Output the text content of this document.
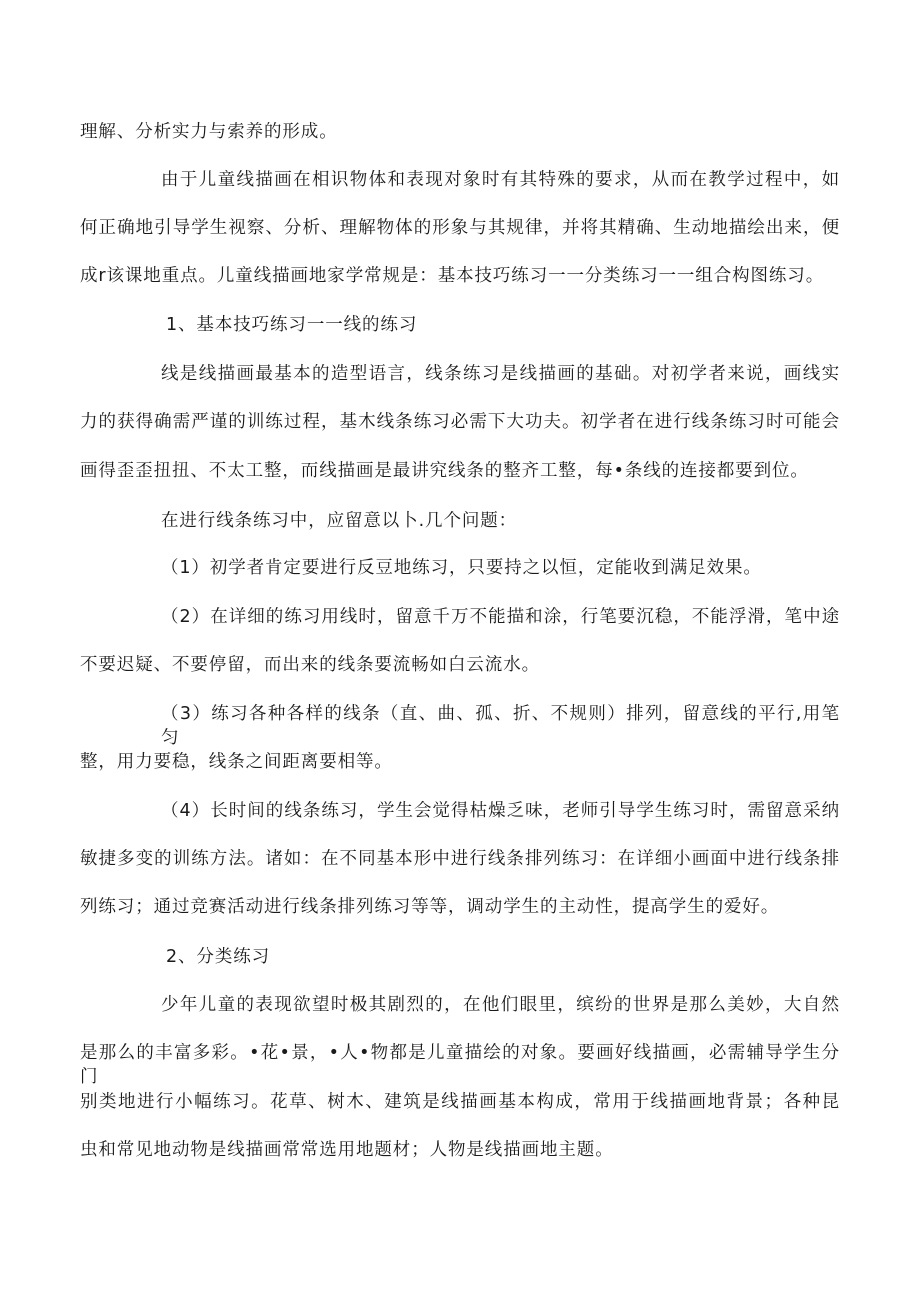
理解、分析实力与索养的形成。
由于儿童线描画在相识物体和表现对象时有其特殊的要求，从而在教学过程中，如
何正确地引导学生视察、分析、理解物体的形象与其规律，并将其精确、生动地描绘出来，便
成r该课地重点。儿童线描画地家学常规是：基本技巧练习一一分类练习一一组合构图练习。
1、基本技巧练习一一线的练习
线是线描画最基本的造型语言，线条练习是线描画的基础。对初学者来说，画线实
力的获得确需严谨的训练过程，基木线条练习必需下大功夫。初学者在进行线条练习时可能会
画得歪歪扭扭、不太工整，而线描画是最讲究线条的整齐工整，每•条线的连接都要到位。
在进行线条练习中，应留意以卜.几个问题：
（1）初学者肯定要进行反豆地练习，只要持之以恒，定能收到满足效果。
（2）在详细的练习用线时，留意千万不能描和涂，行笔要沉稳，不能浮滑，笔中途
不要迟疑、不要停留，而出来的线条要流畅如白云流水。
（3）练习各种各样的线条（直、曲、孤、折、不规则）排列，留意线的平行,用笔匀
整，用力要稳，线条之间距离要相等。
（4）长时间的线条练习，学生会觉得枯燥乏味，老师引导学生练习时，需留意采纳
敏捷多变的训练方法。诸如：在不同基本形中进行线条排列练习：在详细小画面中进行线条排
列练习；通过竞赛活动进行线条排列练习等等，调动学生的主动性，提高学生的爱好。
2、分类练习
少年儿童的表现欲望时极其剧烈的，在他们眼里，缤纷的世界是那么美妙，大自然
是那么的丰富多彩。•花•景，•人•物都是儿童描绘的对象。要画好线描画，必需辅导学生分门
别类地进行小幅练习。花草、树木、建筑是线描画基本构成，常用于线描画地背景；各种昆
虫和常见地动物是线描画常常选用地题材；人物是线描画地主题。
